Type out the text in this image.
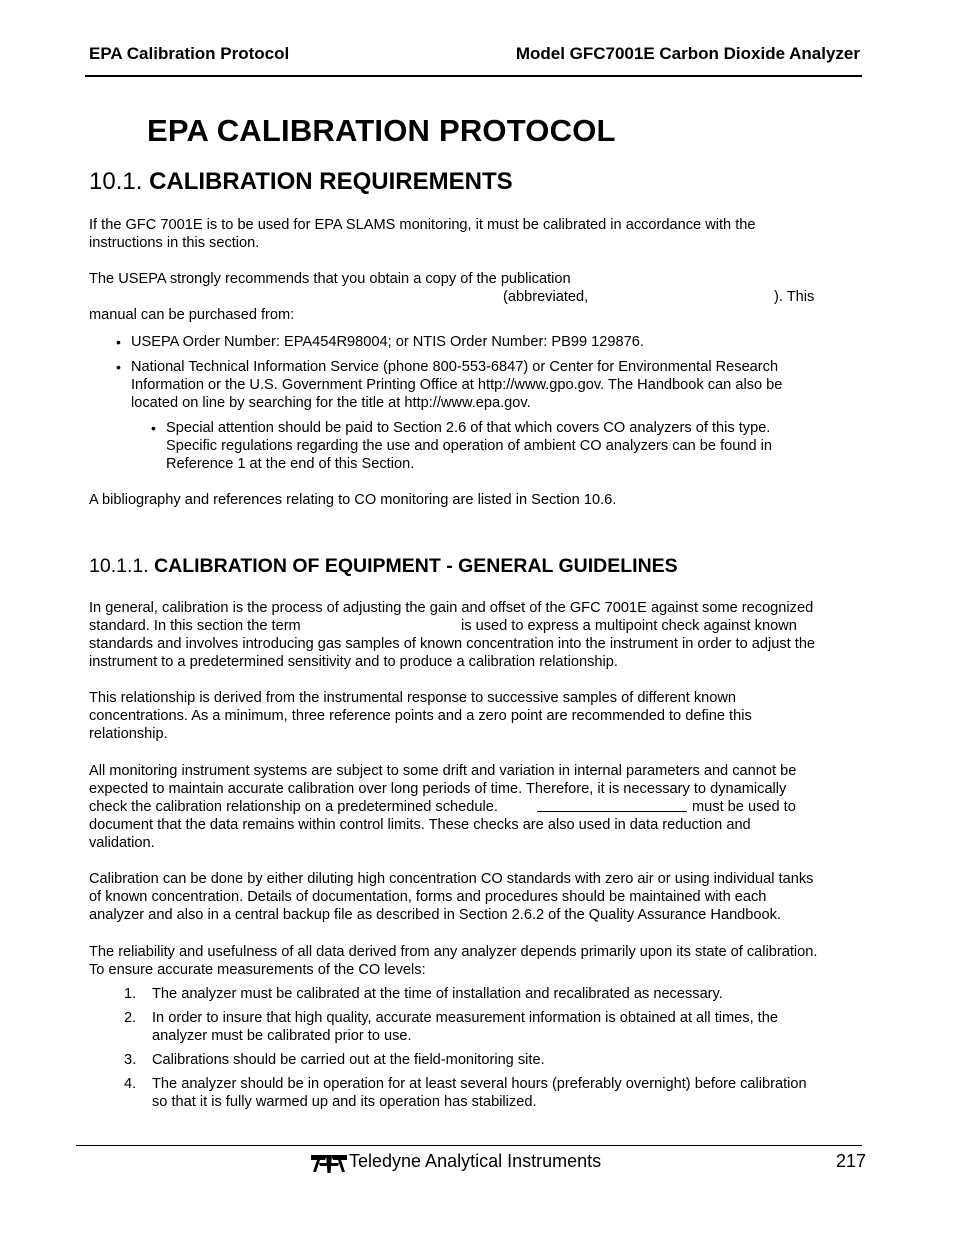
EPA Calibration Protocol	Model GFC7001E Carbon Dioxide Analyzer
EPA CALIBRATION PROTOCOL
10.1. CALIBRATION REQUIREMENTS
If the GFC 7001E is to be used for EPA SLAMS monitoring, it must be calibrated in accordance with the
instructions in this section.
The USEPA strongly recommends that you obtain a copy of the publication
(abbreviated,	). This
manual can be purchased from:
• USEPA Order Number: EPA454R98004; or NTIS Order Number: PB99 129876.
• National Technical Information Service (phone 800-553-6847) or Center for Environmental Research
Information or the U.S. Government Printing Office at http://www.gpo.gov. The Handbook can also be
located on line by searching for the title at http://www.epa.gov.
• Special attention should be paid to Section 2.6 of that which covers CO analyzers of this type.
Specific regulations regarding the use and operation of ambient CO analyzers can be found in
Reference 1 at the end of this Section.
A bibliography and references relating to CO monitoring are listed in Section 10.6.
10.1.1. CALIBRATION OF EQUIPMENT - GENERAL GUIDELINES
In general, calibration is the process of adjusting the gain and offset of the GFC 7001E against some recognized
standard. In this section the term	is used to express a multipoint check against known
standards and involves introducing gas samples of known concentration into the instrument in order to adjust the
instrument to a predetermined sensitivity and to produce a calibration relationship.
This relationship is derived from the instrumental response to successive samples of different known
concentrations. As a minimum, three reference points and a zero point are recommended to define this
relationship.
All monitoring instrument systems are subject to some drift and variation in internal parameters and cannot be
expected to maintain accurate calibration over long periods of time. Therefore, it is necessary to dynamically
check the calibration relationship on a predetermined schedule.	must be used to
document that the data remains within control limits. These checks are also used in data reduction and
validation.
Calibration can be done by either diluting high concentration CO standards with zero air or using individual tanks
of known concentration. Details of documentation, forms and procedures should be maintained with each
analyzer and also in a central backup file as described in Section 2.6.2 of the Quality Assurance Handbook.
The reliability and usefulness of all data derived from any analyzer depends primarily upon its state of calibration.
To ensure accurate measurements of the CO levels:
1. The analyzer must be calibrated at the time of installation and recalibrated as necessary.
2. In order to insure that high quality, accurate measurement information is obtained at all times, the
analyzer must be calibrated prior to use.
3. Calibrations should be carried out at the field-monitoring site.
4. The analyzer should be in operation for at least several hours (preferably overnight) before calibration
so that it is fully warmed up and its operation has stabilized.
Teledyne Analytical Instruments	217
